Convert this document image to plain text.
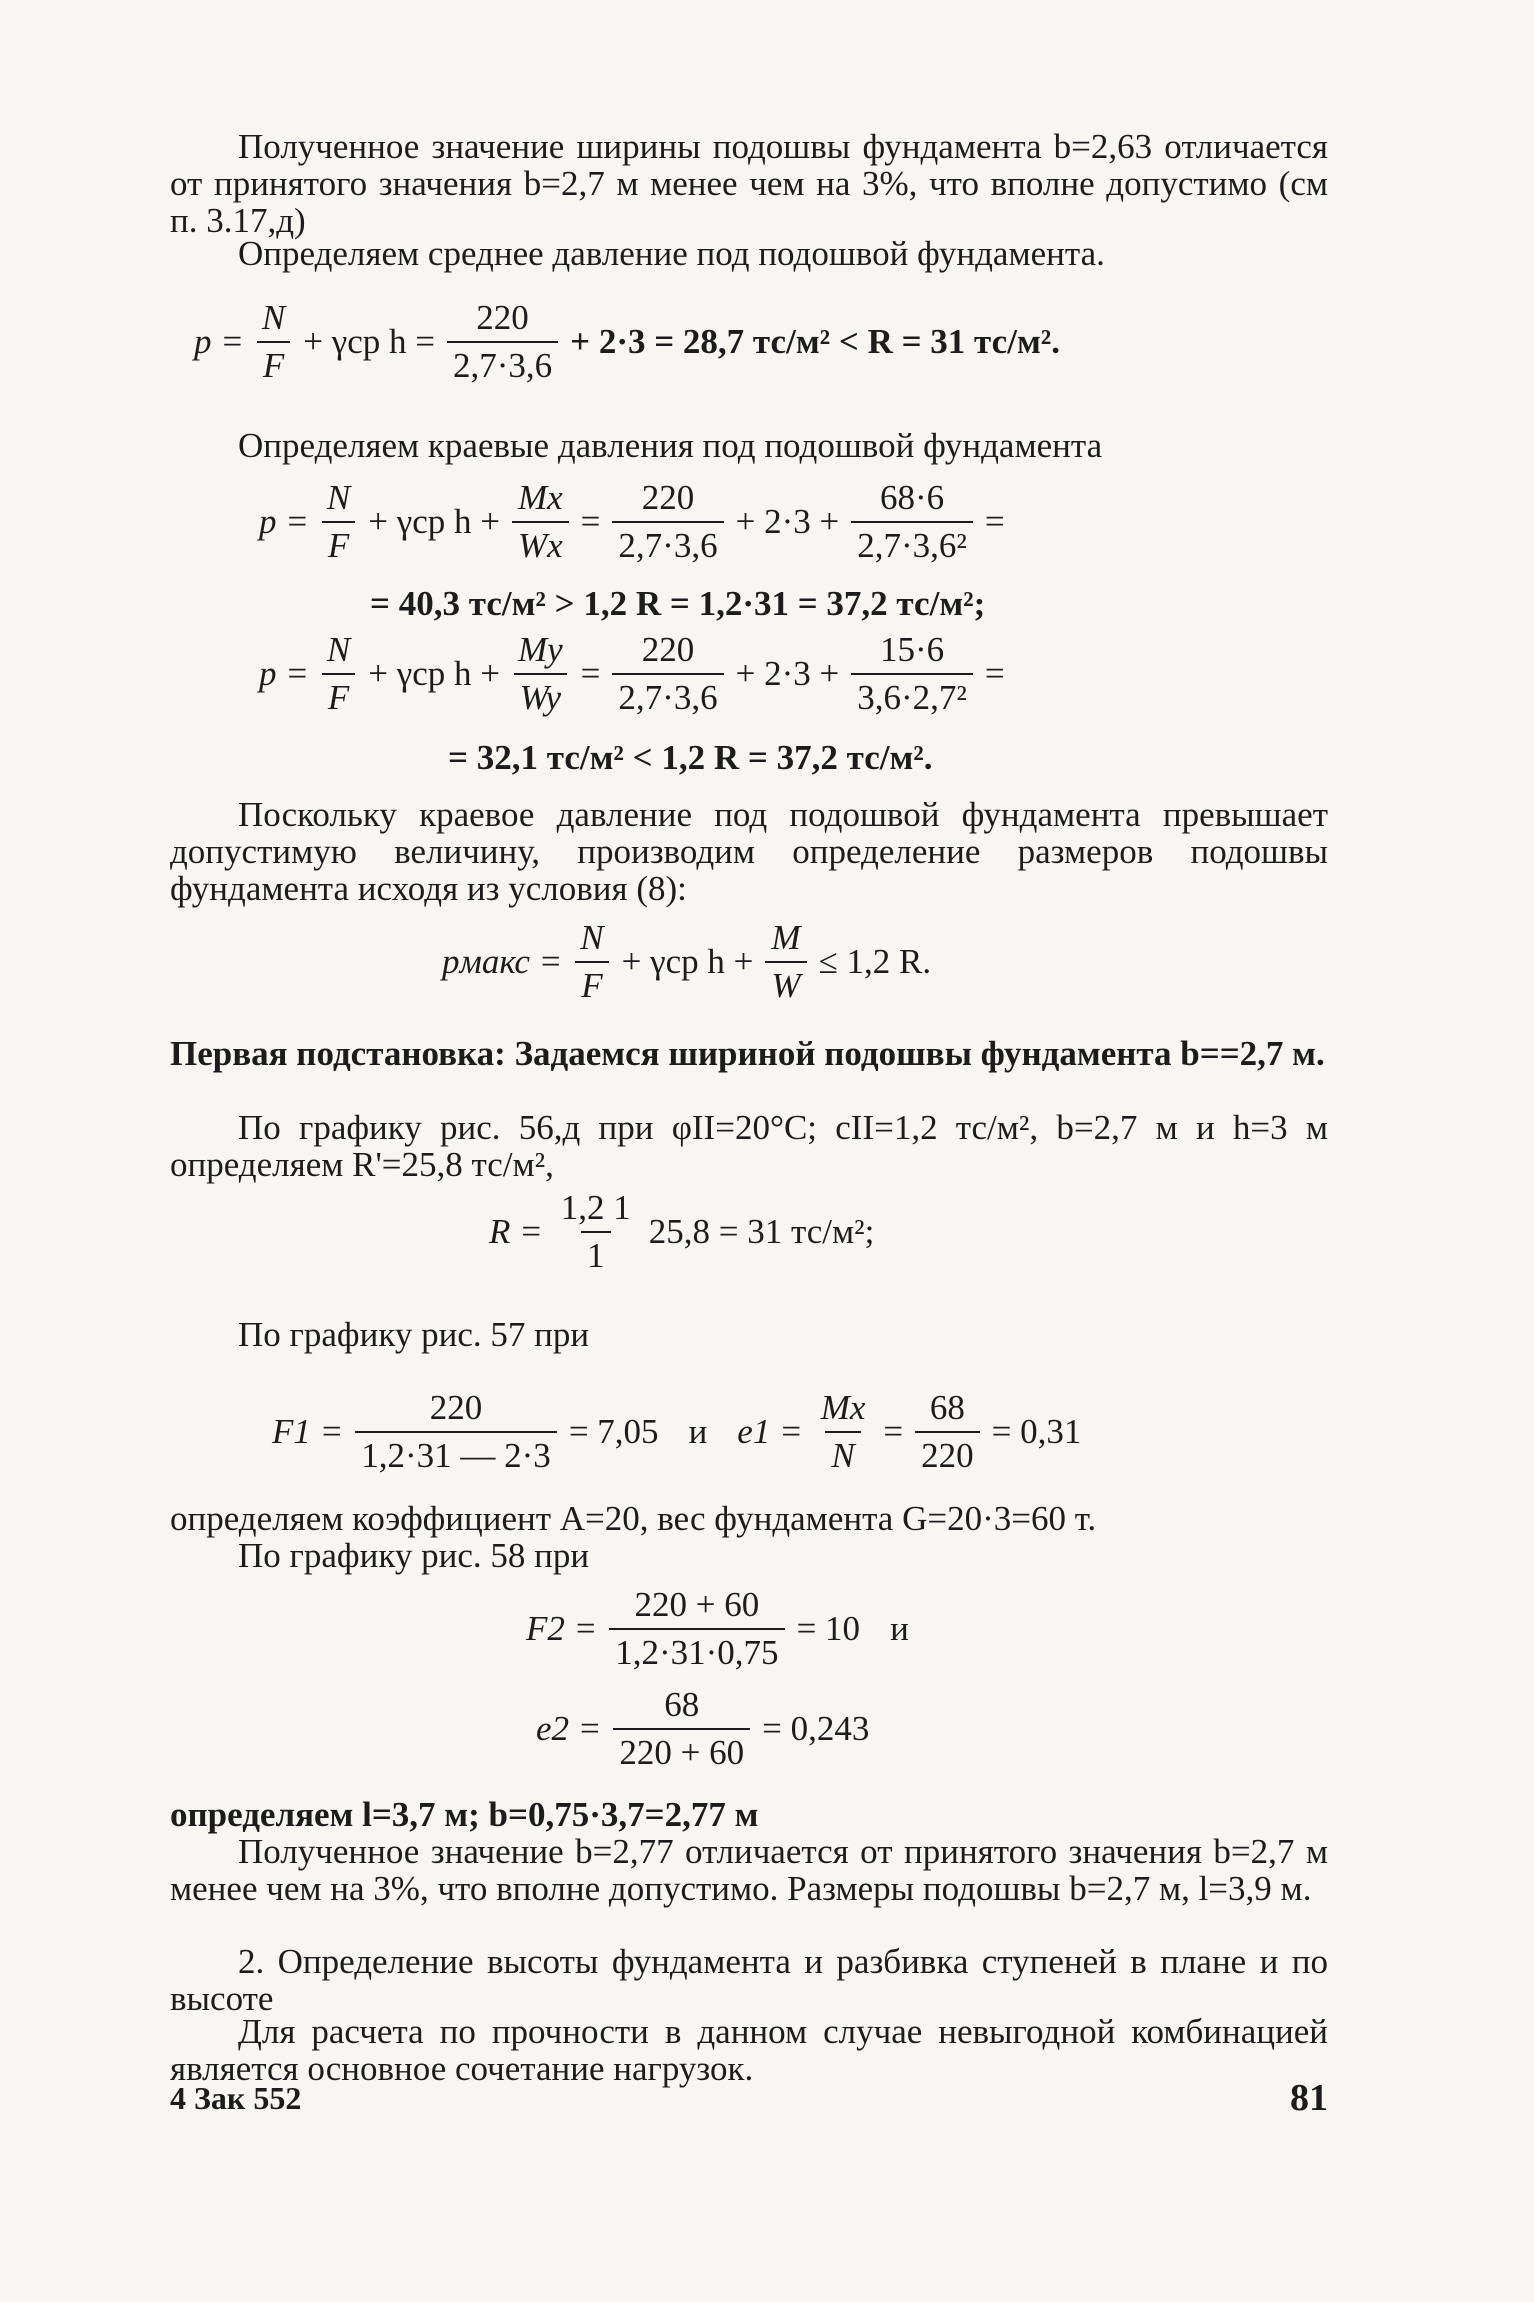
Полученное значение ширины подошвы фундамента b=2,63 отличается от принятого значения b=2,7 м менее чем на 3%, что вполне допустимо (см п. 3.17,д)

Определяем среднее давление под подошвой фундамента.

$p = \frac{N}{F} + \gamma ср$ $h = \frac{220}{2,7\cdot 3,6} + 2\cdot 3 = 28,7$ тс/м² < R = 31 тс/м².

Определяем краевые давления под подошвой фундамента

$p = \frac{N}{F} + \gamma ср$ $h + \frac{Mx}{Wx} = \frac{220}{2,7\cdot 3,6} + 2\cdot 3 + \frac{68\cdot 6}{\text{2,7·3,6²}}$ =
= 40,3 тс/м² > 1,2 R = 1,2·31 = 37,2 тс/м²;
$p = \frac{N}{F} + \gamma ср$ $h + \frac{My}{Wy} = \frac{220}{2,7\cdot 3,6} + 2\cdot 3 + \frac{15\cdot 6}{\text{3,6·2,7²}}$ =
= 32,1 тс/м² < 1,2 R = 37,2 тс/м².

Поскольку краевое давление под подошвой фундамента превышает допустимую величину, производим определение размеров подошвы фундамента исходя из условия (8):

pмакс = $\frac{N}{F} + \gamma ср$ $h + \frac{M}{W} \le 1,2$ R.

Первая подстановка: Задаемся шириной подошвы фундамента b==2,7 м.

По графику рис. 56,д при φII=20°С; cII=1,2 тс/м², b=2,7 м и h=3 м определяем R'=25,8 тс/м²,

$R = \frac{1,2 1}{1} 25,8 = 31$ тс/м²;

По графику рис. 57 при

$F1 = \frac{220}{1,2\cdot 31 — 2\cdot 3} = 7,05$ и $e1 = \frac{Mx}{N} = \frac{68}{220} = 0,31$

определяем коэффициент A=20, вес фундамента G=20·3=60 т.

По графику рис. 58 при

$F2 = \frac{220 + 60}{1,2\cdot 31\cdot 0,75} = 10$ и
$e2 = \frac{68}{220 + 60} = 0,243$

определяем l=3,7 м; b=0,75·3,7=2,77 м

Полученное значение b=2,77 отличается от принятого значения b=2,7 м менее чем на 3%, что вполне допустимо. Размеры подошвы b=2,7 м, l=3,9 м.

2. Определение высоты фундамента и разбивка ступеней в плане и по высоте

Для расчета по прочности в данном случае невыгодной комбинацией является основное сочетание нагрузок.

4 Зак 552	81
